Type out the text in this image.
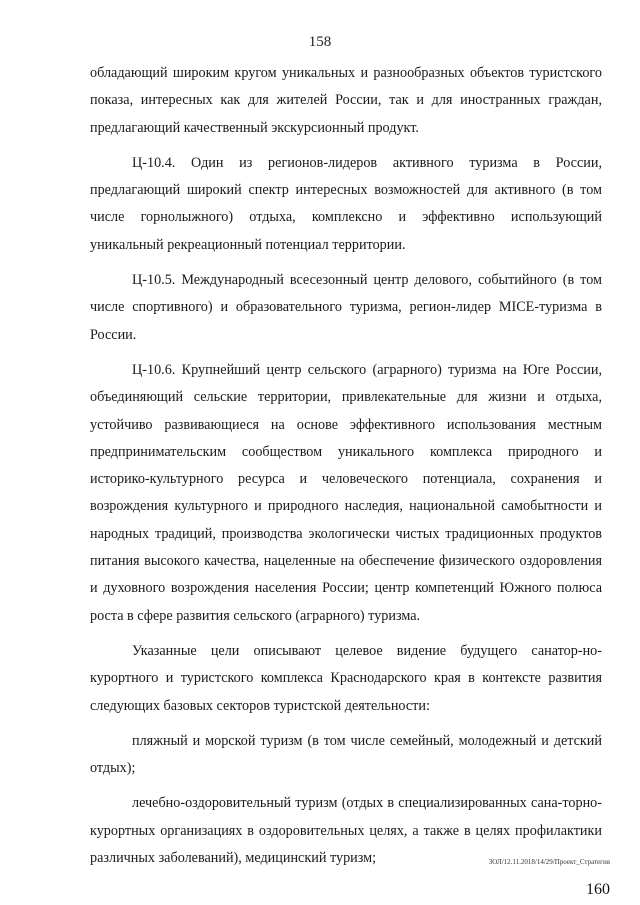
158

обладающий широким кругом уникальных и разнообразных объектов туристского показа, интересных как для жителей России, так и для иностранных граждан, предлагающий качественный экскурсионный продукт.

Ц-10.4. Один из регионов-лидеров активного туризма в России, предлагающий широкий спектр интересных возможностей для активного (в том числе горнолыжного) отдыха, комплексно и эффективно использующий уникальный рекреационный потенциал территории.

Ц-10.5. Международный всесезонный центр делового, событийного (в том числе спортивного) и образовательного туризма, регион-лидер MICE-туризма в России.

Ц-10.6. Крупнейший центр сельского (аграрного) туризма на Юге России, объединяющий сельские территории, привлекательные для жизни и отдыха, устойчиво развивающиеся на основе эффективного использования местным предпринимательским сообществом уникального комплекса природного и историко-культурного ресурса и человеческого потенциала, сохранения и возрождения культурного и природного наследия, национальной самобытности и народных традиций, производства экологически чистых традиционных продуктов питания высокого качества, нацеленные на обеспечение физического оздоровления и духовного возрождения населения России; центр компетенций Южного полюса роста в сфере развития сельского (аграрного) туризма.

Указанные цели описывают целевое видение будущего санатор-но-курортного и туристского комплекса Краснодарского края в контексте развития следующих базовых секторов туристской деятельности:

пляжный и морской туризм (в том числе семейный, молодежный и детский отдых);

лечебно-оздоровительный туризм (отдых в специализированных сана-торно-курортных организациях в оздоровительных целях, а также в целях профилактики различных заболеваний), медицинский туризм;	ЗОЛ/12.11.2018/14/29/Проект_Стратегия
160
